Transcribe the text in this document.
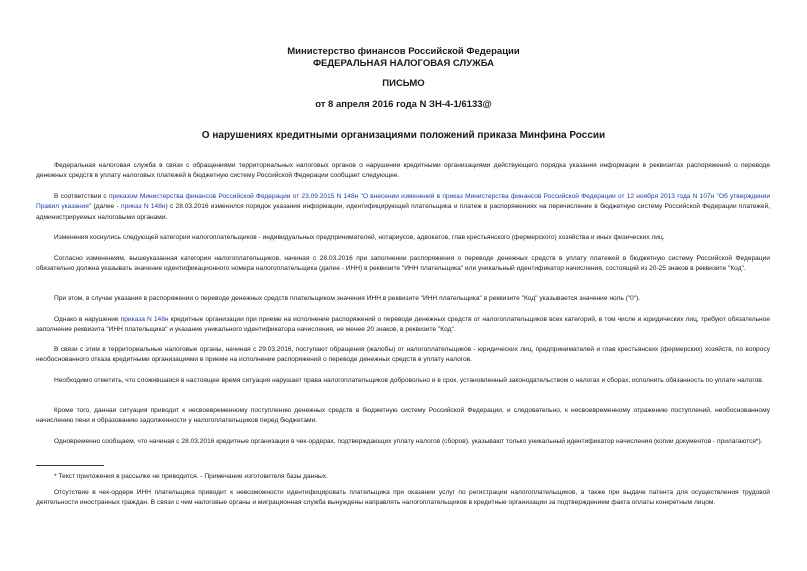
Министерство финансов Российской Федерации
ФЕДЕРАЛЬНАЯ НАЛОГОВАЯ СЛУЖБА
ПИСЬМО
от 8 апреля 2016 года N ЗН-4-1/6133@
О нарушениях кредитными организациями положений приказа Минфина России

Федеральная налоговая служба в связи с обращениями территориальных налоговых органов о нарушении кредитными организациями действующего порядка указания информации в реквизитах распоряжений о переводе денежных средств в уплату налоговых платежей в бюджетную систему Российской Федерации сообщает следующее.

В соответствии с приказом Министерства финансов Российской Федерации от 23.09.2015 N 148н "О внесении изменений в приказ Министерства финансов Российской Федерации от 12 ноября 2013 года N 107н "Об утверждении Правил указания" (далее - приказ N 148н) с 28.03.2016 изменился порядок указания информации, идентифицирующей плательщика и платеж в распоряжениях на перечисление в бюджетную систему Российской Федерации платежей, администрируемых налоговыми органами.

Изменения коснулись следующей категории налогоплательщиков - индивидуальных предпринимателей, нотариусов, адвокатов, глав крестьянского (фермерского) хозяйства и иных физических лиц.

Согласно изменениям, вышеуказанная категория налогоплательщиков, начиная с 28.03.2016 при заполнении распоряжения о переводе денежных средств в уплату платежей в бюджетную систему Российской Федерации обязательно должна указывать значение идентификационного номера налогоплательщика (далее - ИНН) в реквизите "ИНН плательщика" или уникальный идентификатор начисления, состоящий из 20-25 знаков в реквизите "Код".

При этом, в случае указания в распоряжении о переводе денежных средств плательщиком значения ИНН в реквизите "ИНН плательщика" в реквизите "Код" указывается значение ноль ("0").

Однако в нарушение приказа N 148н кредитные организации при приеме на исполнение распоряжений о переводе денежных средств от налогоплательщиков всех категорий, в том числе и юридических лиц, требуют обязательное заполнение реквизита "ИНН плательщика" и указание уникального идентификатора начисления, не менее 20 знаков, в реквизите "Код".

В связи с этим в территориальные налоговые органы, начиная с 29.03.2016, поступают обращения (жалобы) от налогоплательщиков - юридических лиц, предпринимателей и глав крестьянских (фермерских) хозяйств, по вопросу необоснованного отказа кредитными организациями в приеме на исполнение распоряжений о переводе денежных средств в уплату налогов.

Необходимо отметить, что сложившаяся в настоящее время ситуация нарушает права налогоплательщиков добровольно и в срок, установленный законодательством о налогах и сборах, исполнить обязанность по уплате налогов.

Кроме того, данная ситуация приводит к несвоевременному поступлению денежных средств в бюджетную систему Российской Федерации, и следовательно, к несвоевременному отражению поступлений, необоснованному начислению пени и образованию задолженности у налогоплательщиков перед бюджетами.

Одновременно сообщаем, что начиная с 28.03.2016 кредитные организации в чек-ордерах, подтверждающих уплату налогов (сборов), указывают только уникальный идентификатор начисления (копии документов - прилагаются*).

* Текст приложения в рассылке не приводится. - Примечание изготовителя базы данных.

Отсутствие в чек-ордере ИНН плательщика приводит к невозможности идентифицировать плательщика при оказании услуг по регистрации налогоплательщиков, а также при выдаче патента для осуществления трудовой деятельности иностранных граждан. В связи с чем налоговые органы и миграционная служба вынуждены направлять налогоплательщиков в кредитные организации за подтверждением факта оплаты конкретным лицом.
